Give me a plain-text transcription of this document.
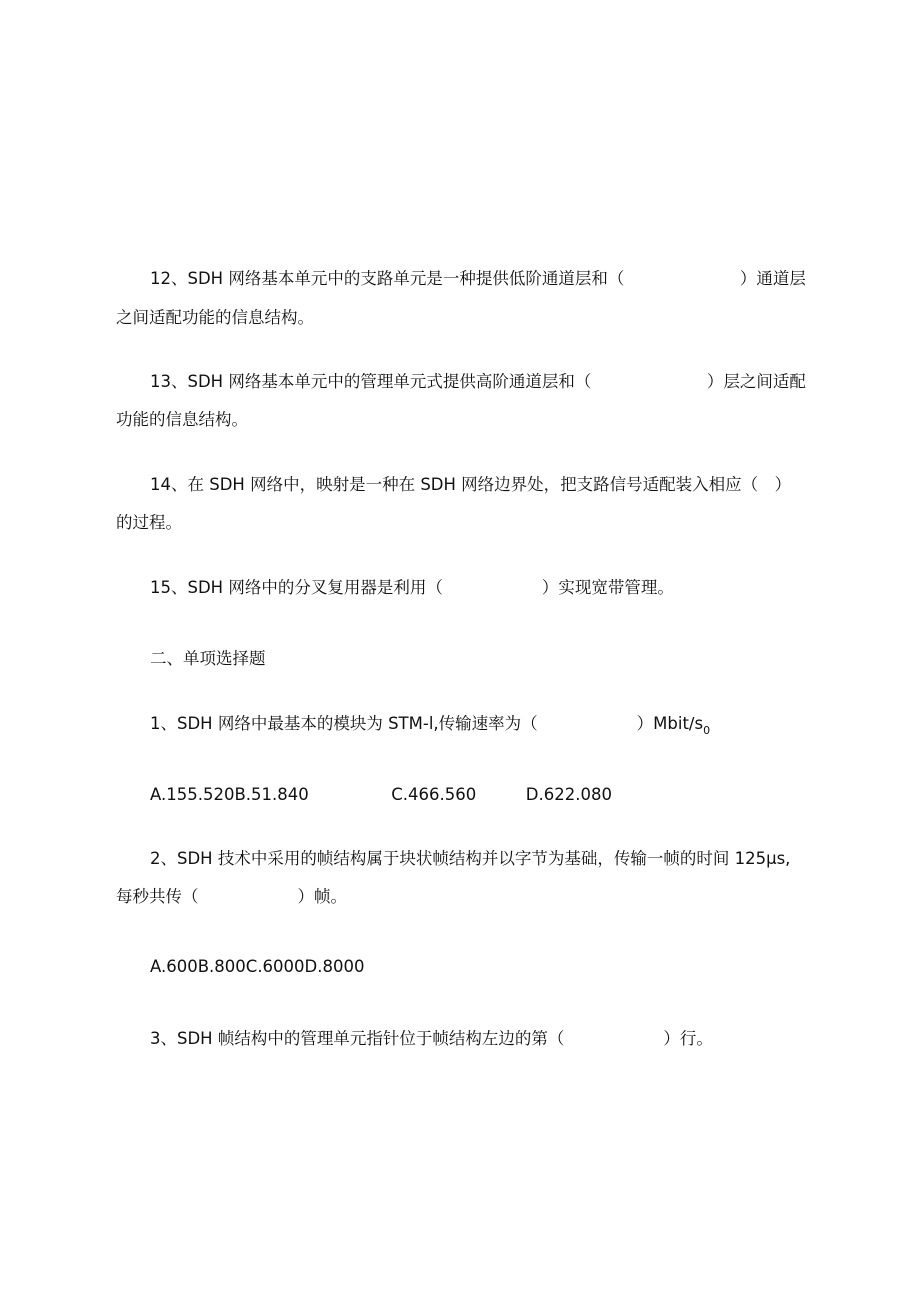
12、SDH 网络基本单元中的支路单元是一种提供低阶通道层和（　　　　　　　）通道层
之间适配功能的信息结构。
13、SDH 网络基本单元中的管理单元式提供高阶通道层和（　　　　　　　）层之间适配
功能的信息结构。
14、在 SDH 网络中，映射是一种在 SDH 网络边界处，把支路信号适配装入相应（　）
的过程。
15、SDH 网络中的分叉复用器是利用（　　　　　　）实现宽带管理。
二、单项选择题
1、SDH 网络中最基本的模块为 STM-l,传输速率为（　　　　　　）$Mbit∕s_0$
A.155.520B.51.840　　　　　C.466.560　　　D.622.080
2、SDH 技术中采用的帧结构属于块状帧结构并以字节为基础，传输一帧的时间 125μs,
每秒共传（　　　　　　）帧。
A.600B.800C.6000D.8000
3、SDH 帧结构中的管理单元指针位于帧结构左边的第（　　　　　　）行。
